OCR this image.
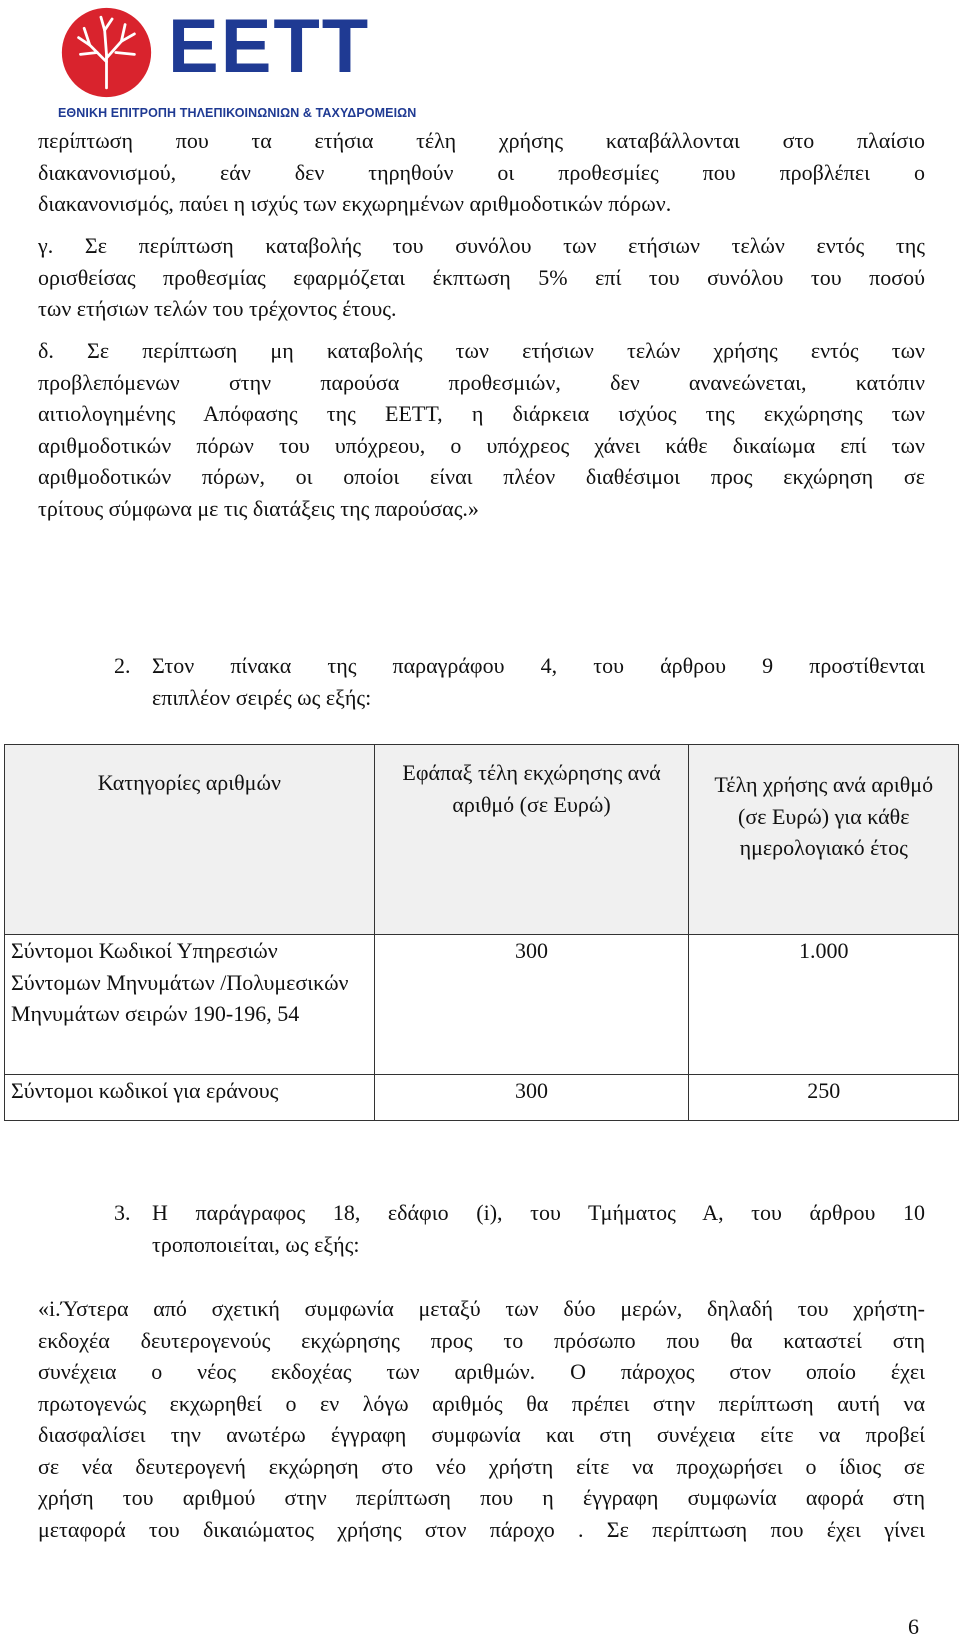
ΕΕΤΤ
ΕΘΝΙΚΗ ΕΠΙΤΡΟΠΗ ΤΗΛΕΠΙΚΟΙΝΩΝΙΩΝ & ΤΑΧΥΔΡΟΜΕΙΩΝ
περίπτωση που τα ετήσια τέλη χρήσης καταβάλλονται στο πλαίσιο
διακανονισμού, εάν δεν τηρηθούν οι προθεσμίες που προβλέπει ο
διακανονισμός, παύει η ισχύς των εκχωρημένων αριθμοδοτικών πόρων.
γ. Σε περίπτωση καταβολής του συνόλου των ετήσιων τελών εντός της
ορισθείσας προθεσμίας εφαρμόζεται έκπτωση 5% επί του συνόλου του ποσού
των ετήσιων τελών του τρέχοντος έτους.
δ. Σε περίπτωση μη καταβολής των ετήσιων τελών χρήσης εντός των
προβλεπόμενων στην παρούσα προθεσμιών, δεν ανανεώνεται, κατόπιν
αιτιολογημένης Απόφασης της ΕΕΤΤ, η διάρκεια ισχύος της εκχώρησης των
αριθμοδοτικών πόρων του υπόχρεου, ο υπόχρεος χάνει κάθε δικαίωμα επί των
αριθμοδοτικών πόρων, οι οποίοι είναι πλέον διαθέσιμοι προς εκχώρηση σε
τρίτους σύμφωνα με τις διατάξεις της παρούσας.»
2. Στον πίνακα της παραγράφου 4, του άρθρου 9 προστίθενται
επιπλέον σειρές ως εξής:
Κατηγορίες αριθμών	Εφάπαξ τέλη εκχώρησης ανά αριθμό (σε Ευρώ)	Τέλη χρήσης ανά αριθμό (σε Ευρώ) για κάθε ημερολογιακό έτος
Σύντομοι Κωδικοί Υπηρεσιών Σύντομων Μηνυμάτων /Πολυμεσικών Μηνυμάτων σειρών 190-196, 54	300	1.000
Σύντομοι κωδικοί για εράνους	300	250
3. Η παράγραφος 18, εδάφιο (i), του Τμήματος Α, του άρθρου 10
τροποποιείται, ως εξής:
«i.Ύστερα από σχετική συμφωνία μεταξύ των δύο μερών, δηλαδή του χρήστη-
εκδοχέα δευτερογενούς εκχώρησης προς το πρόσωπο που θα καταστεί στη
συνέχεια ο νέος εκδοχέας των αριθμών. Ο πάροχος στον οποίο έχει
πρωτογενώς εκχωρηθεί ο εν λόγω αριθμός θα πρέπει στην περίπτωση αυτή να
διασφαλίσει την ανωτέρω έγγραφη συμφωνία και στη συνέχεια είτε να προβεί
σε νέα δευτερογενή εκχώρηση στο νέο χρήστη είτε να προχωρήσει ο ίδιος σε
χρήση του αριθμού στην περίπτωση που η έγγραφη συμφωνία αφορά στη
μεταφορά του δικαιώματος χρήσης στον πάροχο . Σε περίπτωση που έχει γίνει
6
